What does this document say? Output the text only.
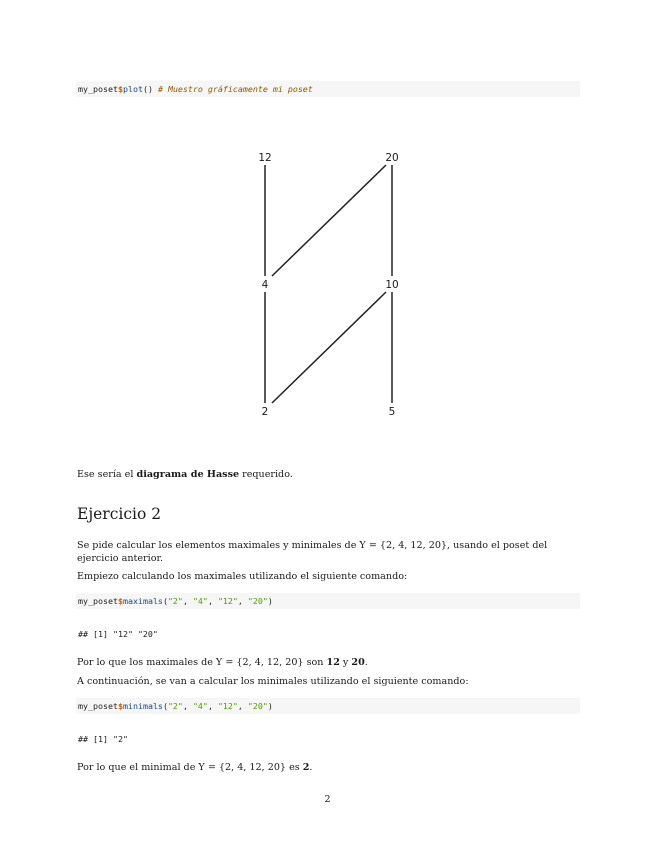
my_poset$plot() # Muestro gráficamente mi poset
12	20
4	10
2	5
Ese sería el diagrama de Hasse requerido.
Ejercicio 2
Se pide calcular los elementos maximales y minimales de Y = {2, 4, 12, 20}, usando el poset del ejercicio anterior.
Empiezo calculando los maximales utilizando el siguiente comando:
my_poset$maximals("2", "4", "12", "20")
## [1] "12" "20"
Por lo que los maximales de Y = {2, 4, 12, 20} son 12 y 20.
A continuación, se van a calcular los minimales utilizando el siguiente comando:
my_poset$minimals("2", "4", "12", "20")
## [1] "2"
Por lo que el minimal de Y = {2, 4, 12, 20} es 2.
2
